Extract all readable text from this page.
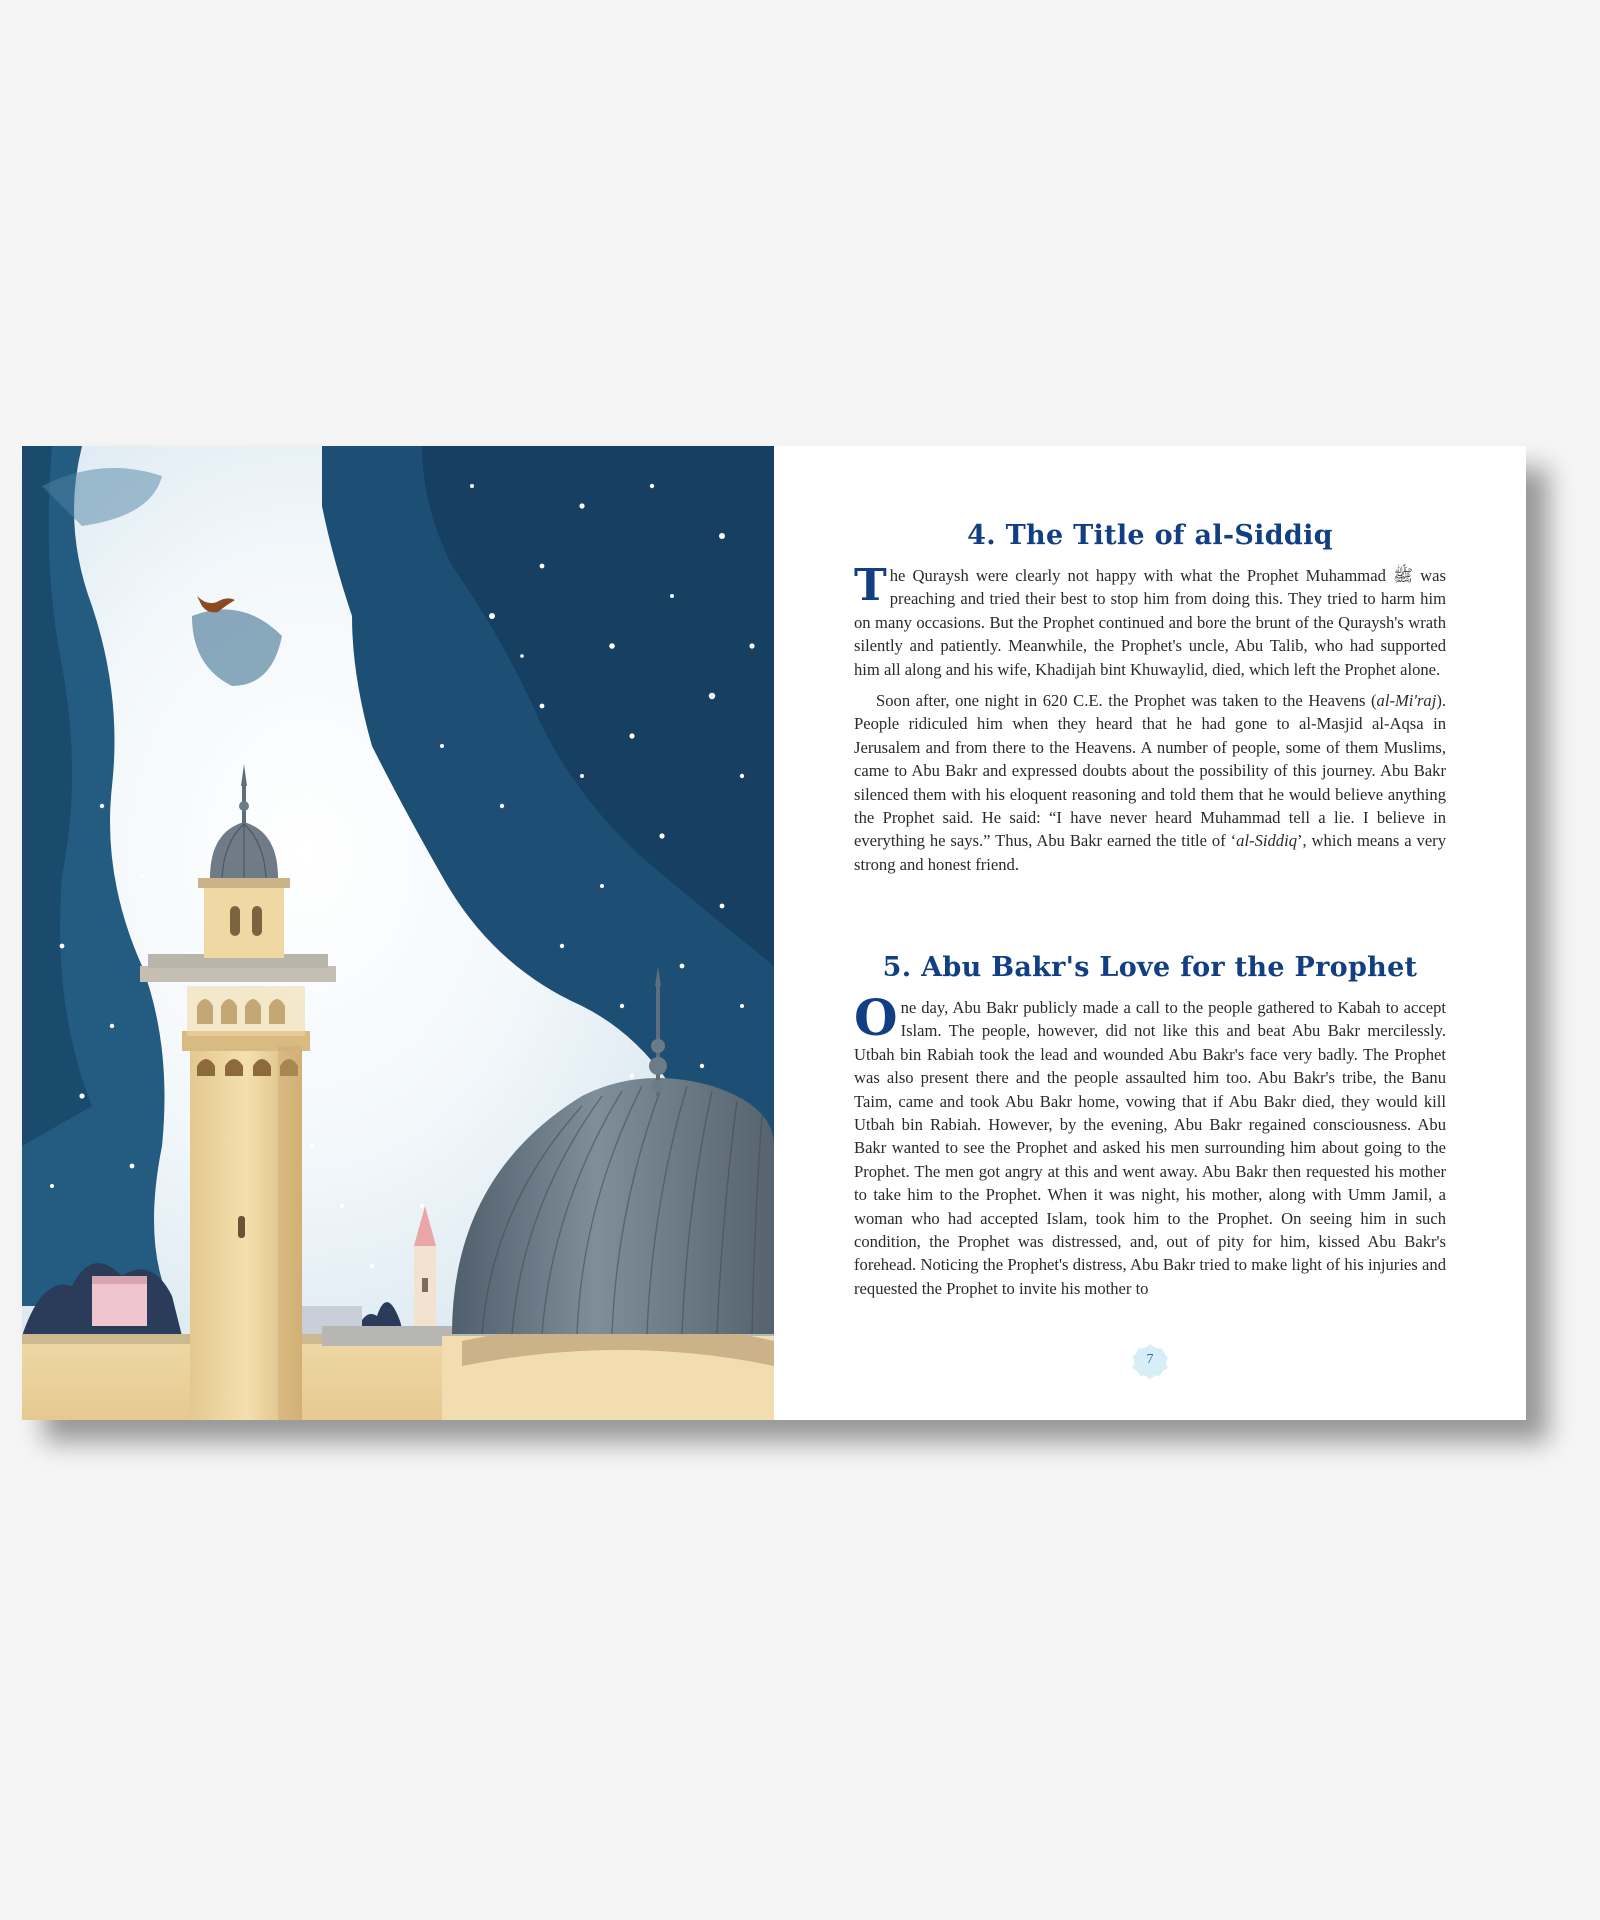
4. The Title of al-Siddiq

The Quraysh were clearly not happy with what the Prophet Muhammad ﷺ was preaching and tried their best to stop him from doing this. They tried to harm him on many occasions. But the Prophet continued and bore the brunt of the Quraysh's wrath silently and patiently. Meanwhile, the Prophet's uncle, Abu Talib, who had supported him all along and his wife, Khadijah bint Khuwaylid, died, which left the Prophet alone.

Soon after, one night in 620 C.E. the Prophet was taken to the Heavens (al-Mi'raj). People ridiculed him when they heard that he had gone to al-Masjid al-Aqsa in Jerusalem and from there to the Heavens. A number of people, some of them Muslims, came to Abu Bakr and expressed doubts about the possibility of this journey. Abu Bakr silenced them with his eloquent reasoning and told them that he would believe anything the Prophet said. He said: “I have never heard Muhammad tell a lie. I believe in everything he says.” Thus, Abu Bakr earned the title of ‘al-Siddiq’, which means a very strong and honest friend.

5. Abu Bakr's Love for the Prophet

One day, Abu Bakr publicly made a call to the people gathered to Kabah to accept Islam. The people, however, did not like this and beat Abu Bakr mercilessly. Utbah bin Rabiah took the lead and wounded Abu Bakr's face very badly. The Prophet was also present there and the people assaulted him too. Abu Bakr's tribe, the Banu Taim, came and took Abu Bakr home, vowing that if Abu Bakr died, they would kill Utbah bin Rabiah. However, by the evening, Abu Bakr regained consciousness. Abu Bakr wanted to see the Prophet and asked his men surrounding him about going to the Prophet. The men got angry at this and went away. Abu Bakr then requested his mother to take him to the Prophet. When it was night, his mother, along with Umm Jamil, a woman who had accepted Islam, took him to the Prophet. On seeing him in such condition, the Prophet was distressed, and, out of pity for him, kissed Abu Bakr's forehead. Noticing the Prophet's distress, Abu Bakr tried to make light of his injuries and requested the Prophet to invite his mother to

7
